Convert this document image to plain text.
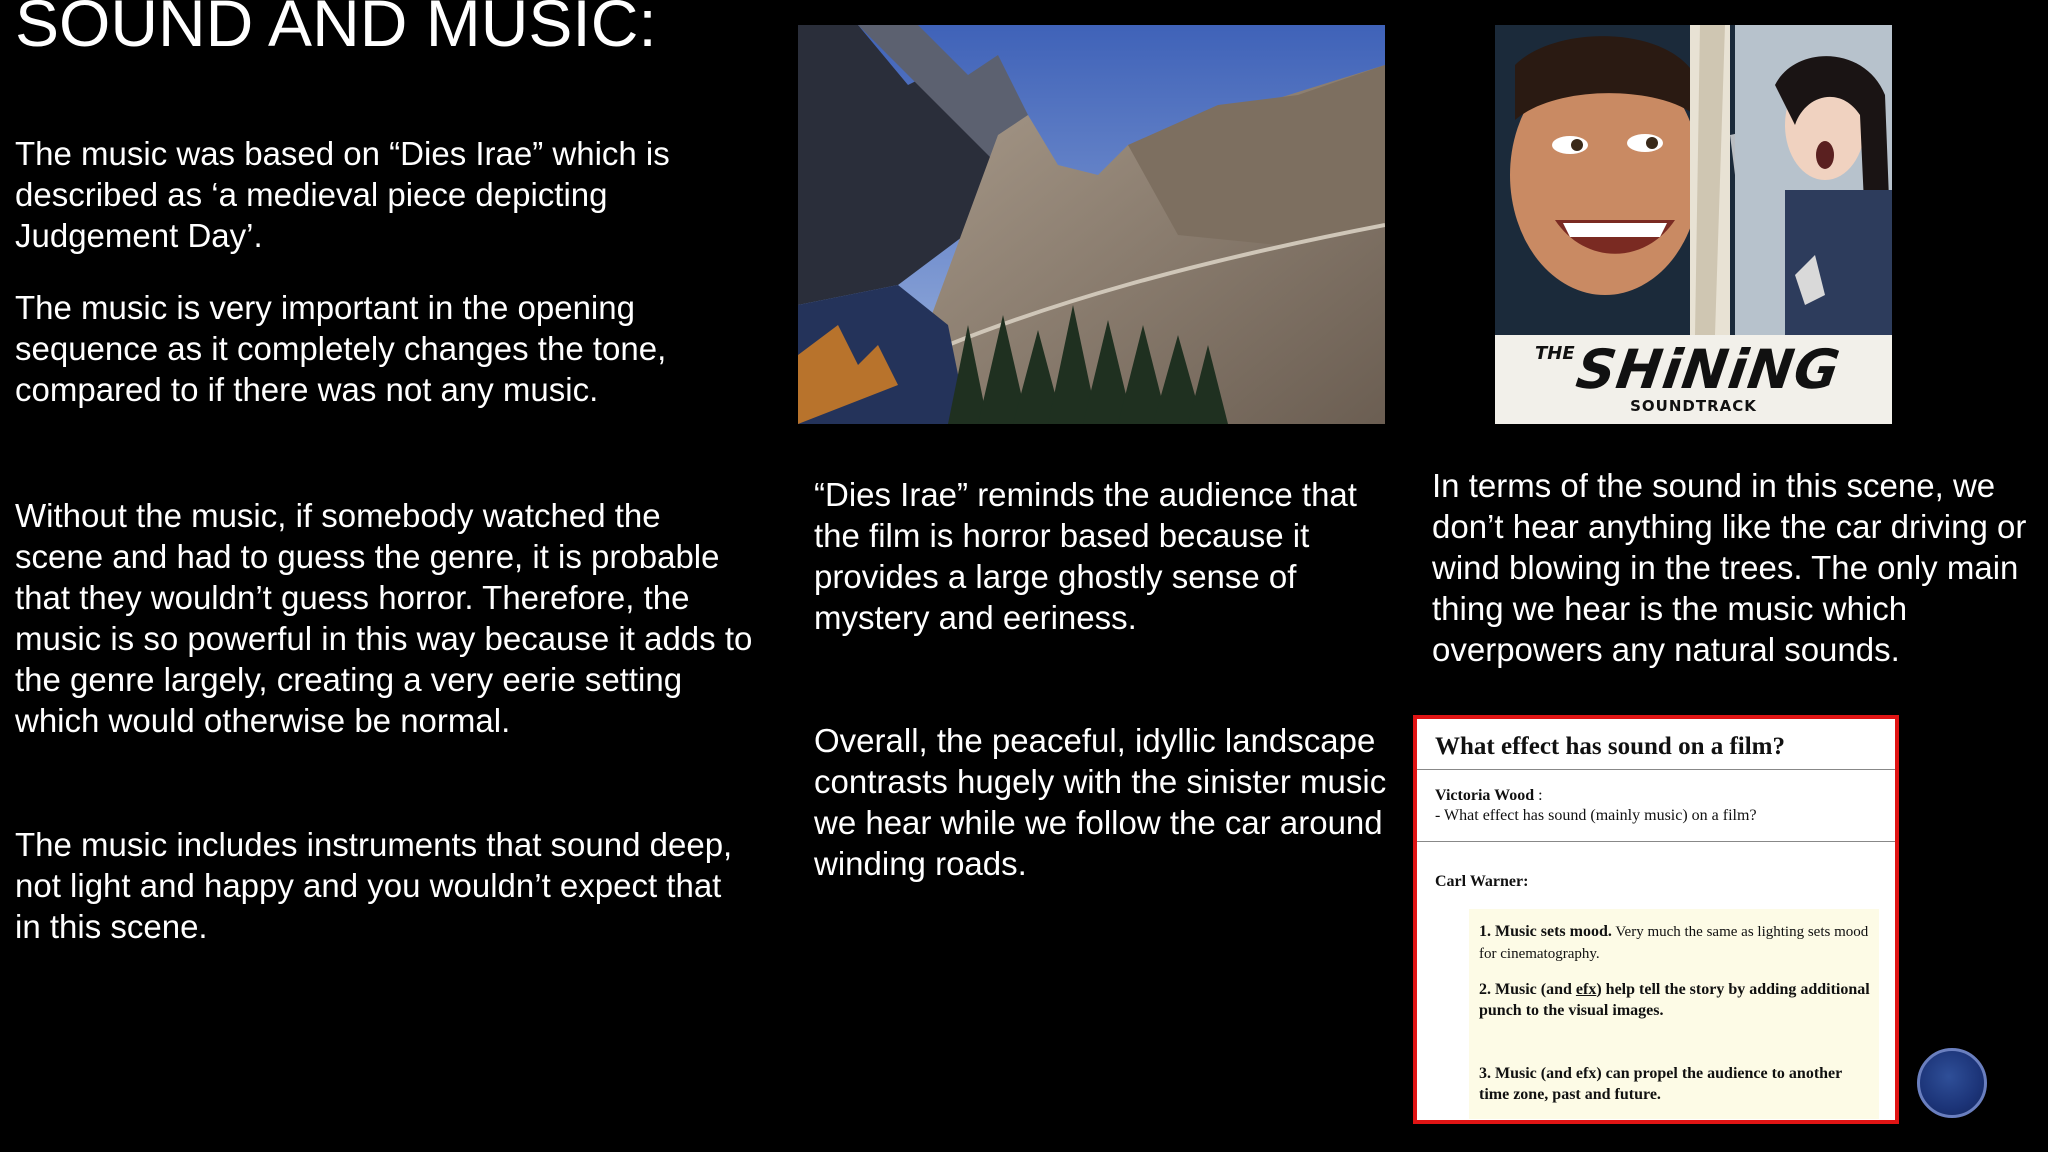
SOUND AND MUSIC:

The music was based on “Dies Irae” which is described as ‘a medieval piece depicting Judgement Day’.

The music is very important in the opening sequence as it completely changes the tone, compared to if there was not any music.

Without the music, if somebody watched the scene and had to guess the genre, it is probable that they wouldn’t guess horror. Therefore, the music is so powerful in this way because it adds to the genre largely, creating a very eerie setting which would otherwise be normal.

The music includes instruments that sound deep, not light and happy and you wouldn’t expect that in this scene.

“Dies Irae” reminds the audience that the film is horror based because it provides a large ghostly sense of mystery and eeriness.

Overall, the peaceful, idyllic landscape contrasts hugely with the sinister music we hear while we follow the car around winding roads.

In terms of the sound in this scene, we don’t hear anything like the car driving or wind blowing in the trees. The only main thing we hear is the music which overpowers any natural sounds.

THE
SHiNiNG
SOUNDTRACK
What effect has sound on a film?
Victoria Wood :
- What effect has sound (mainly music) on a film?
Carl Warner:
1. Music sets mood. Very much the same as lighting sets mood for cinematography.
2. Music (and efx) help tell the story by adding additional punch to the visual images.
3. Music (and efx) can propel the audience to another time zone, past and future.
